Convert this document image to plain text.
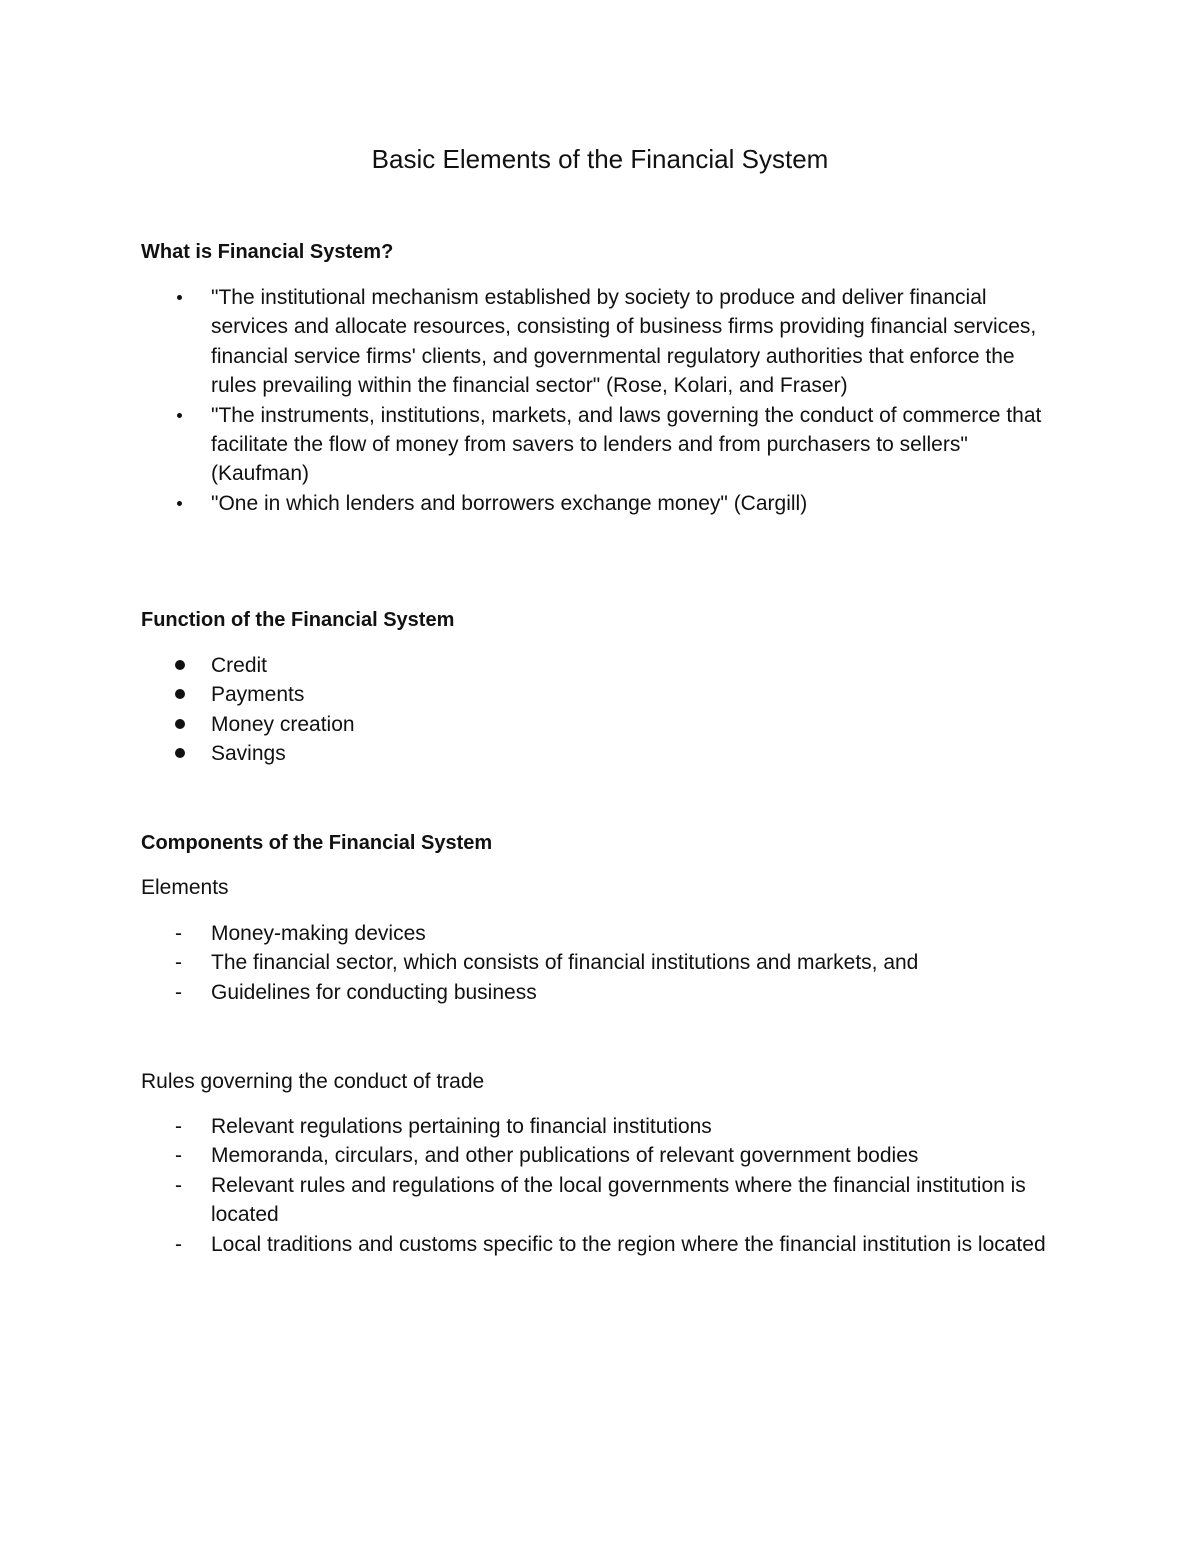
Basic Elements of the Financial System
What is Financial System?
"The institutional mechanism established by society to produce and deliver financial services and allocate resources, consisting of business firms providing financial services, financial service firms' clients, and governmental regulatory authorities that enforce the rules prevailing within the financial sector" (Rose, Kolari, and Fraser)
"The instruments, institutions, markets, and laws governing the conduct of commerce that facilitate the flow of money from savers to lenders and from purchasers to sellers" (Kaufman)
"One in which lenders and borrowers exchange money" (Cargill)
Function of the Financial System
Credit
Payments
Money creation
Savings
Components of the Financial System

Elements

- Money-making devices
- The financial sector, which consists of financial institutions and markets, and
- Guidelines for conducting business

Rules governing the conduct of trade

- Relevant regulations pertaining to financial institutions
- Memoranda, circulars, and other publications of relevant government bodies
- Relevant rules and regulations of the local governments where the financial institution is located
- Local traditions and customs specific to the region where the financial institution is located
